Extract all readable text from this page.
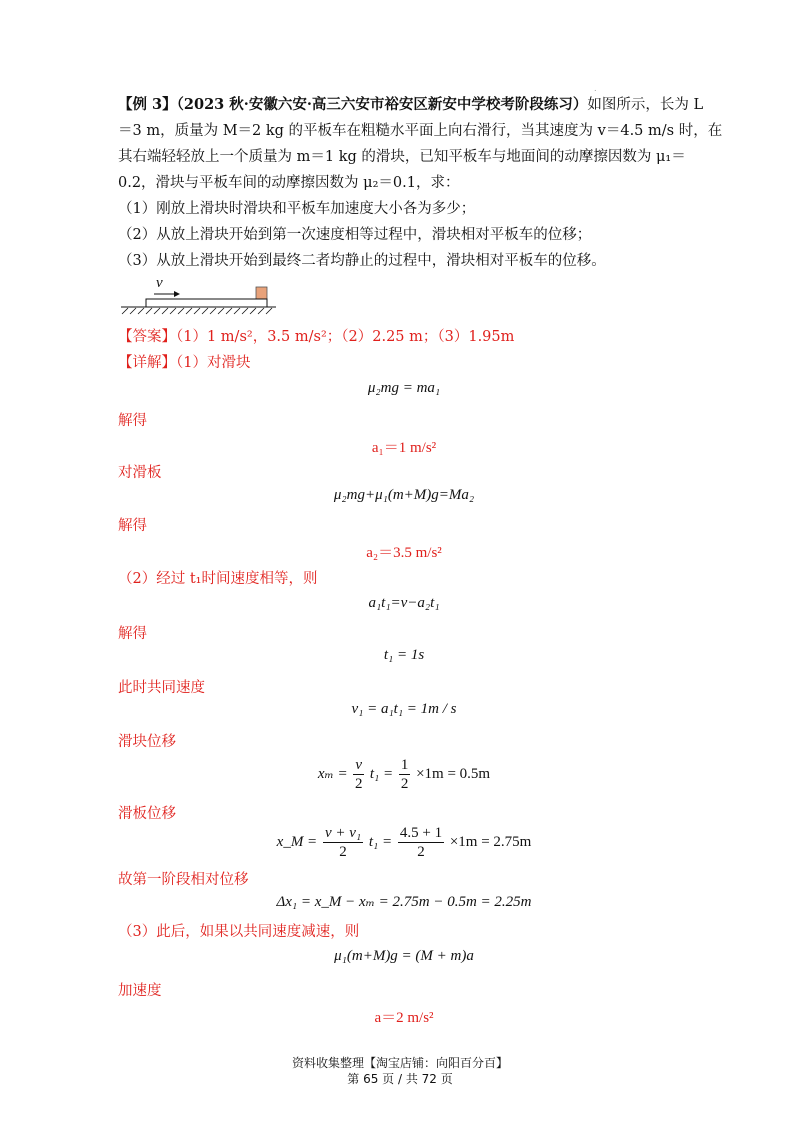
.
【例 3】（2023 秋·安徽六安·高三六安市裕安区新安中学校考阶段练习）如图所示，长为 L
＝3 m，质量为 M＝2 kg 的平板车在粗糙水平面上向右滑行，当其速度为 v＝4.5 m/s 时，在
其右端轻轻放上一个质量为 m＝1 kg 的滑块，已知平板车与地面间的动摩擦因数为 μ₁＝
0.2，滑块与平板车间的动摩擦因数为 μ₂＝0.1，求：
（1）刚放上滑块时滑块和平板车加速度大小各为多少；
（2）从放上滑块开始到第一次速度相等过程中，滑块相对平板车的位移；
（3）从放上滑块开始到最终二者均静止的过程中，滑块相对平板车的位移。
v
【答案】（1）1 m/s²，3.5 m/s²；（2）2.25 m；（3）1.95m
【详解】（1）对滑块
μ₂mg = ma₁
解得
a₁＝1 m/s²
对滑板
μ₂mg+μ₁(m+M)g=Ma₂
解得
a₂＝3.5 m/s²
（2）经过 t₁时间速度相等，则
a₁t₁=v−a₂t₁
解得
t₁ = 1s
此时共同速度
v₁ = a₁t₁ = 1m / s
滑块位移
$x_m = \frac{v}{2} t_1 = \frac{1}{2} \times 1m = 0.5m$
滑板位移
x_M = $\frac{\text{v + v₁}}{2} t_1 = \frac{4.5 + 1}{2} \times 1m = 2.75m$
故第一阶段相对位移
Δx₁ = x_M − xₘ = 2.75m − 0.5m = 2.25m
（3）此后，如果以共同速度减速，则
μ₁(m+M)g = (M + m)a
加速度
a＝2 m/s²
资料收集整理【淘宝店铺：向阳百分百】
第 65 页 / 共 72 页
